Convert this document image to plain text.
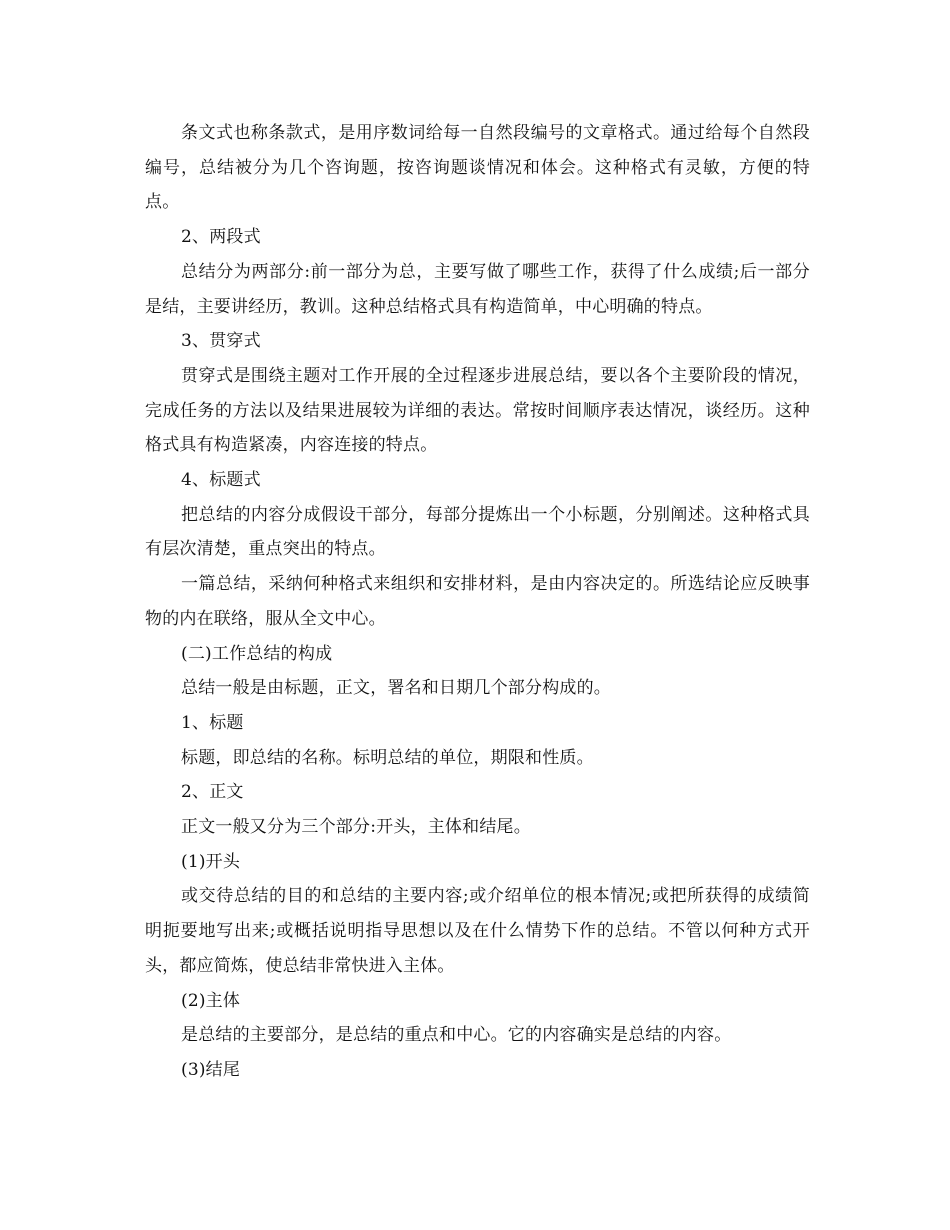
条文式也称条款式，是用序数词给每一自然段编号的文章格式。通过给每个自然段编号，总结被分为几个咨询题，按咨询题谈情况和体会。这种格式有灵敏，方便的特点。

2、两段式

总结分为两部分:前一部分为总，主要写做了哪些工作，获得了什么成绩;后一部分是结，主要讲经历，教训。这种总结格式具有构造简单，中心明确的特点。

3、贯穿式

贯穿式是围绕主题对工作开展的全过程逐步进展总结，要以各个主要阶段的情况，完成任务的方法以及结果进展较为详细的表达。常按时间顺序表达情况，谈经历。这种格式具有构造紧凑，内容连接的特点。

4、标题式

把总结的内容分成假设干部分，每部分提炼出一个小标题，分别阐述。这种格式具有层次清楚，重点突出的特点。

一篇总结，采纳何种格式来组织和安排材料，是由内容决定的。所选结论应反映事物的内在联络，服从全文中心。

(二)工作总结的构成

总结一般是由标题，正文，署名和日期几个部分构成的。

1、标题

标题，即总结的名称。标明总结的单位，期限和性质。

2、正文

正文一般又分为三个部分:开头，主体和结尾。

(1)开头

或交待总结的目的和总结的主要内容;或介绍单位的根本情况;或把所获得的成绩简明扼要地写出来;或概括说明指导思想以及在什么情势下作的总结。不管以何种方式开头，都应简炼，使总结非常快进入主体。

(2)主体

是总结的主要部分，是总结的重点和中心。它的内容确实是总结的内容。

(3)结尾
